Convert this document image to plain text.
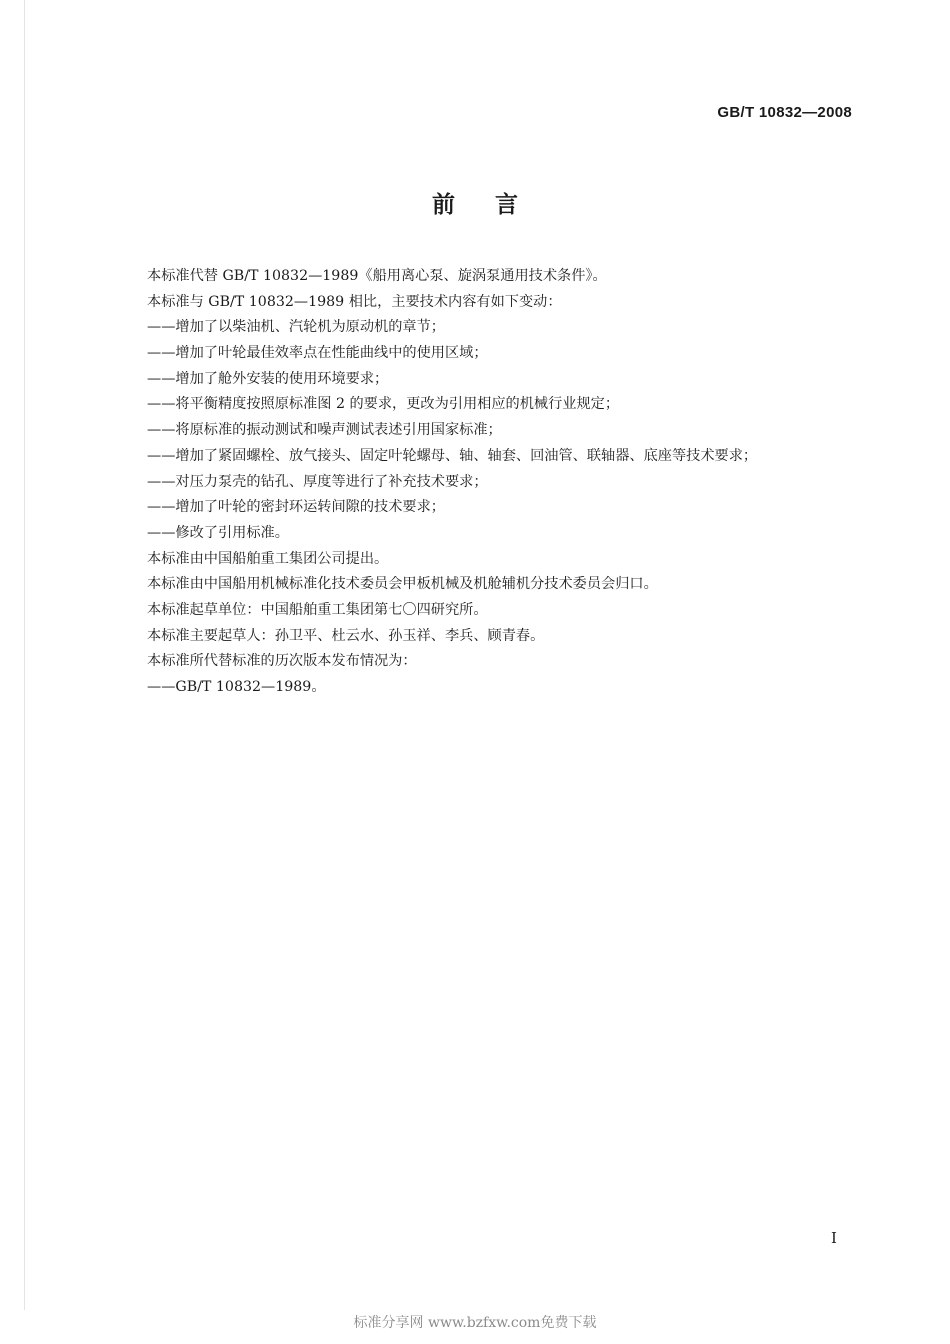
GB/T 10832—2008
前言
本标准代替 GB/T 10832—1989《船用离心泵、旋涡泵通用技术条件》。
本标准与 GB/T 10832—1989 相比，主要技术内容有如下变动：
——增加了以柴油机、汽轮机为原动机的章节；
——增加了叶轮最佳效率点在性能曲线中的使用区域；
——增加了舱外安装的使用环境要求；
——将平衡精度按照原标准图 2 的要求，更改为引用相应的机械行业规定；
——将原标准的振动测试和噪声测试表述引用国家标准；
——增加了紧固螺栓、放气接头、固定叶轮螺母、轴、轴套、回油管、联轴器、底座等技术要求；
——对压力泵壳的钻孔、厚度等进行了补充技术要求；
——增加了叶轮的密封环运转间隙的技术要求；
——修改了引用标准。
本标准由中国船舶重工集团公司提出。
本标准由中国船用机械标准化技术委员会甲板机械及机舱辅机分技术委员会归口。
本标准起草单位：中国船舶重工集团第七〇四研究所。
本标准主要起草人：孙卫平、杜云水、孙玉祥、李兵、顾青春。
本标准所代替标准的历次版本发布情况为：
——GB/T 10832—1989。
I
标准分享网 www.bzfxw.com免费下载
